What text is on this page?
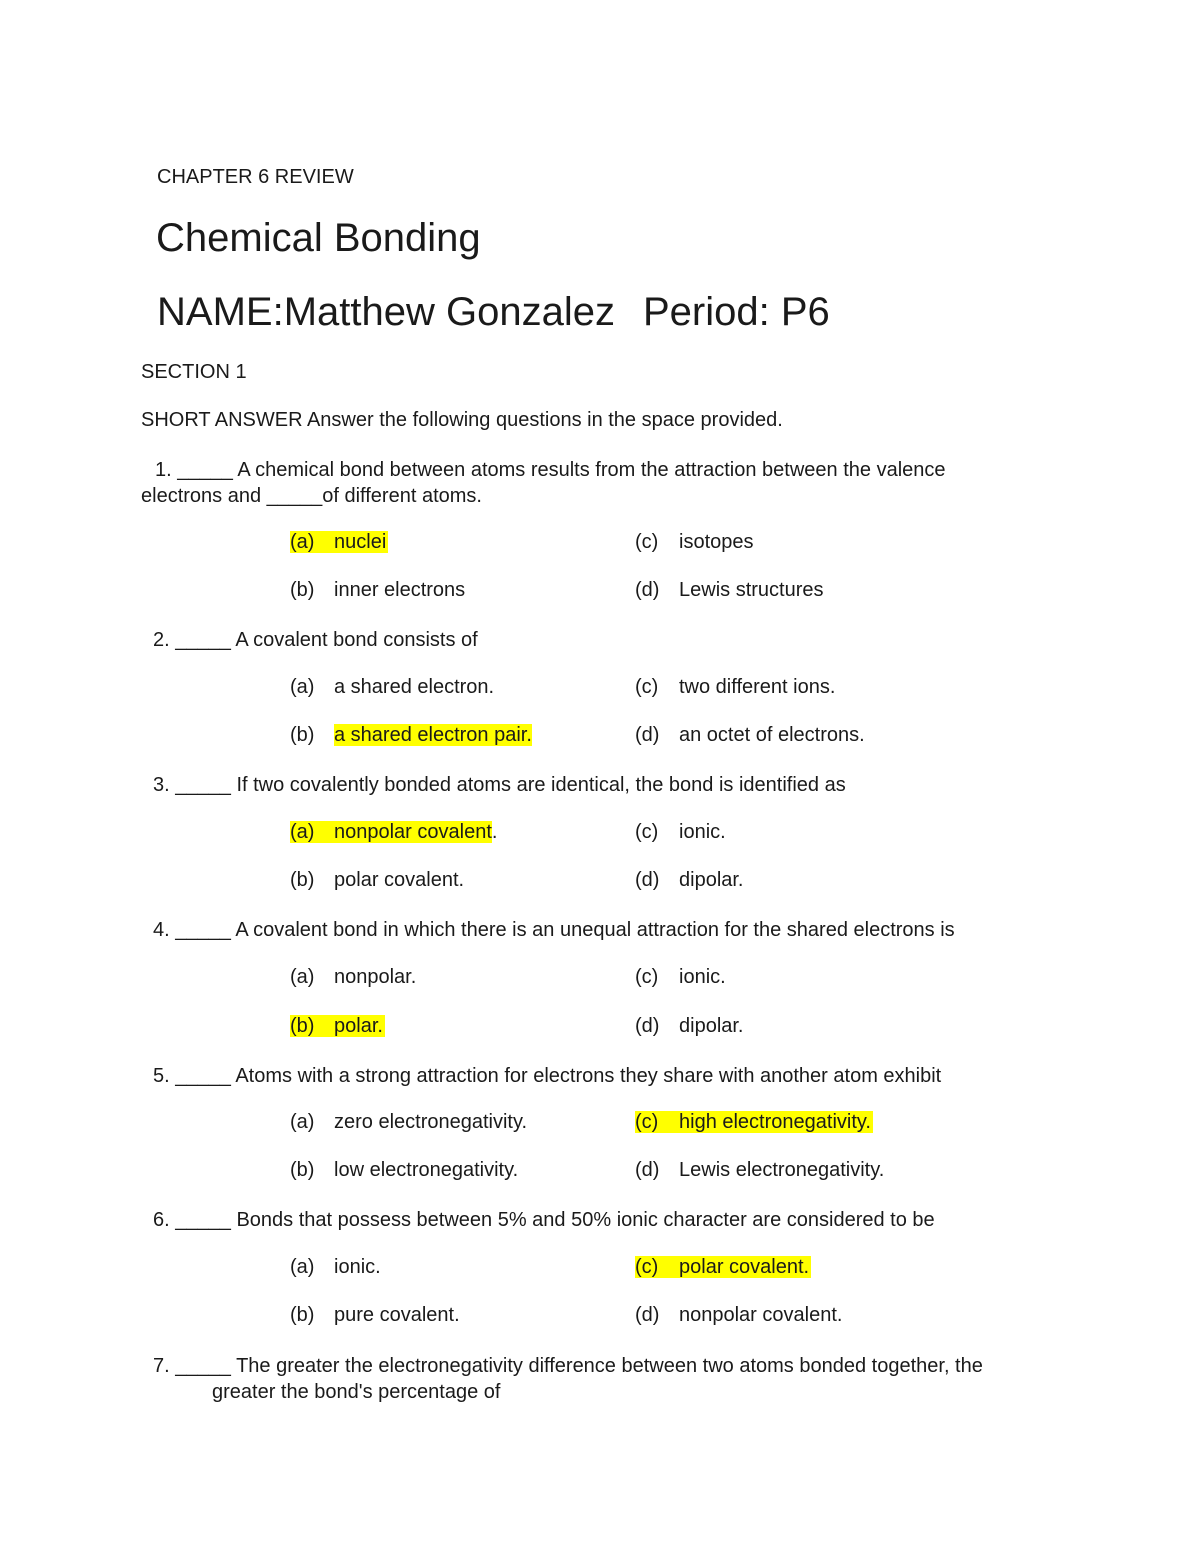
CHAPTER 6 REVIEW
Chemical Bonding
NAME:Matthew Gonzalez Period: P6
SECTION 1
SHORT ANSWER Answer the following questions in the space provided.
1. _____ A chemical bond between atoms results from the attraction between the valence
electrons and _____of different atoms.
(a) nuclei	(c) isotopes
(b) inner electrons	(d) Lewis structures
2. _____ A covalent bond consists of
(a) a shared electron.	(c) two different ions.
(b) a shared electron pair.	(d) an octet of electrons.
3. _____ If two covalently bonded atoms are identical, the bond is identified as
(a) nonpolar covalent.	(c) ionic.
(b) polar covalent.	(d) dipolar.
4. _____ A covalent bond in which there is an unequal attraction for the shared electrons is
(a) nonpolar.	(c) ionic.
(b) polar.	(d) dipolar.
5. _____ Atoms with a strong attraction for electrons they share with another atom exhibit
(a) zero electronegativity.	(c) high electronegativity.
(b) low electronegativity.	(d) Lewis electronegativity.
6. _____ Bonds that possess between 5% and 50% ionic character are considered to be
(a) ionic.	(c) polar covalent.
(b) pure covalent.	(d) nonpolar covalent.
7. _____ The greater the electronegativity difference between two atoms bonded together, the
greater the bond's percentage of
